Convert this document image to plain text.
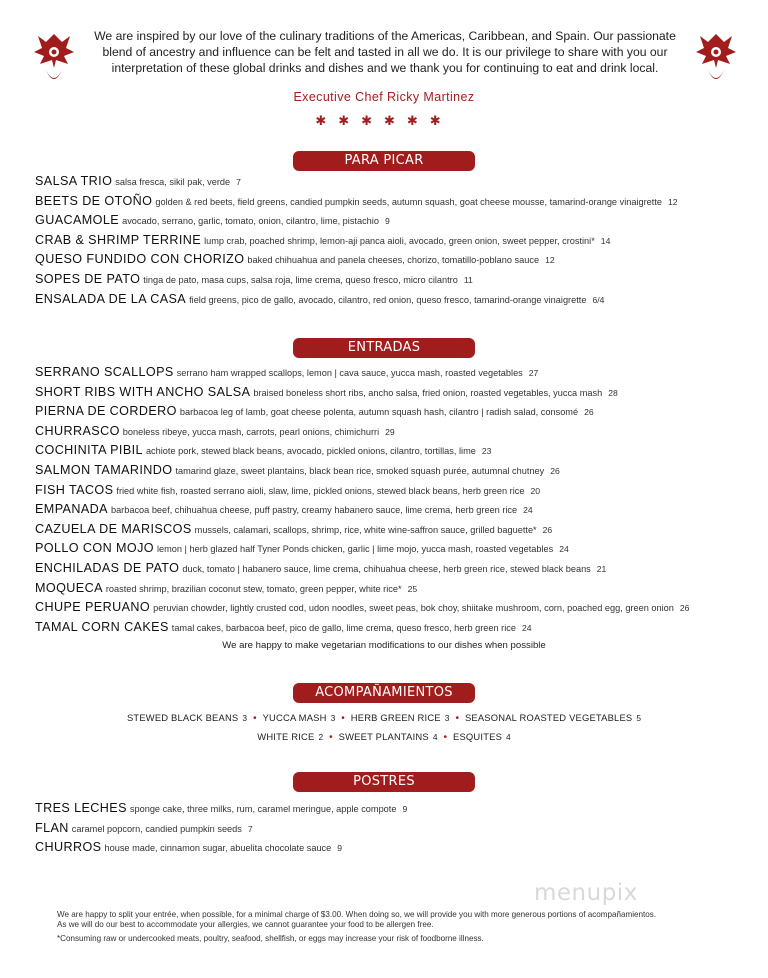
We are inspired by our love of the culinary traditions of the Americas, Caribbean, and Spain. Our passionate blend of ancestry and influence can be felt and tasted in all we do. It is our privilege to share with you our interpretation of these global drinks and dishes and we thank you for continuing to eat and drink local.
Executive Chef Ricky Martinez
✱✱✱✱✱✱
PARA PICAR
SALSA TRIO salsa fresca, sikil pak, verde 7
BEETS DE OTOÑO golden & red beets, field greens, candied pumpkin seeds, autumn squash, goat cheese mousse, tamarind-orange vinaigrette 12
GUACAMOLE avocado, serrano, garlic, tomato, onion, cilantro, lime, pistachio 9
CRAB & SHRIMP TERRINE lump crab, poached shrimp, lemon-aji panca aioli, avocado, green onion, sweet pepper, crostini* 14
QUESO FUNDIDO CON CHORIZO baked chihuahua and panela cheeses, chorizo, tomatillo-poblano sauce 12
SOPES DE PATO tinga de pato, masa cups, salsa roja, lime crema, queso fresco, micro cilantro 11
ENSALADA DE LA CASA field greens, pico de gallo, avocado, cilantro, red onion, queso fresco, tamarind-orange vinaigrette 6/4
ENTRADAS
SERRANO SCALLOPS serrano ham wrapped scallops, lemon | cava sauce, yucca mash, roasted vegetables 27
SHORT RIBS WITH ANCHO SALSA braised boneless short ribs, ancho salsa, fried onion, roasted vegetables, yucca mash 28
PIERNA DE CORDERO barbacoa leg of lamb, goat cheese polenta, autumn squash hash, cilantro | radish salad, consomé 26
CHURRASCO boneless ribeye, yucca mash, carrots, pearl onions, chimichurri 29
COCHINITA PIBIL achiote pork, stewed black beans, avocado, pickled onions, cilantro, tortillas, lime 23
SALMON TAMARINDO tamarind glaze, sweet plantains, black bean rice, smoked squash purée, autumnal chutney 26
FISH TACOS fried white fish, roasted serrano aioli, slaw, lime, pickled onions, stewed black beans, herb green rice 20
EMPANADA barbacoa beef, chihuahua cheese, puff pastry, creamy habanero sauce, lime crema, herb green rice 24
CAZUELA DE MARISCOS mussels, calamari, scallops, shrimp, rice, white wine-saffron sauce, grilled baguette* 26
POLLO CON MOJO lemon | herb glazed half Tyner Ponds chicken, garlic | lime mojo, yucca mash, roasted vegetables 24
ENCHILADAS DE PATO duck, tomato | habanero sauce, lime crema, chihuahua cheese, herb green rice, stewed black beans 21
MOQUECA roasted shrimp, brazilian coconut stew, tomato, green pepper, white rice* 25
CHUPE PERUANO peruvian chowder, lightly crusted cod, udon noodles, sweet peas, bok choy, shiitake mushroom, corn, poached egg, green onion 26
TAMAL CORN CAKES tamal cakes, barbacoa beef, pico de gallo, lime crema, queso fresco, herb green rice 24
We are happy to make vegetarian modifications to our dishes when possible
ACOMPAÑAMIENTOS
STEWED BLACK BEANS 3 • YUCCA MASH 3 • HERB GREEN RICE 3 • SEASONAL ROASTED VEGETABLES 5
WHITE RICE 2 • SWEET PLANTAINS 4 • ESQUITES 4
POSTRES
TRES LECHES sponge cake, three milks, rum, caramel meringue, apple compote 9
FLAN caramel popcorn, candied pumpkin seeds 7
CHURROS house made, cinnamon sugar, abuelita chocolate sauce 9
menupix

We are happy to split your entrée, when possible, for a minimal charge of $3.00. When doing so, we will provide you with more generous portions of acompañamientos.

As we will do our best to accommodate your allergies, we cannot guarantee your food to be allergen free.

*Consuming raw or undercooked meats, poultry, seafood, shellfish, or eggs may increase your risk of foodborne illness.
